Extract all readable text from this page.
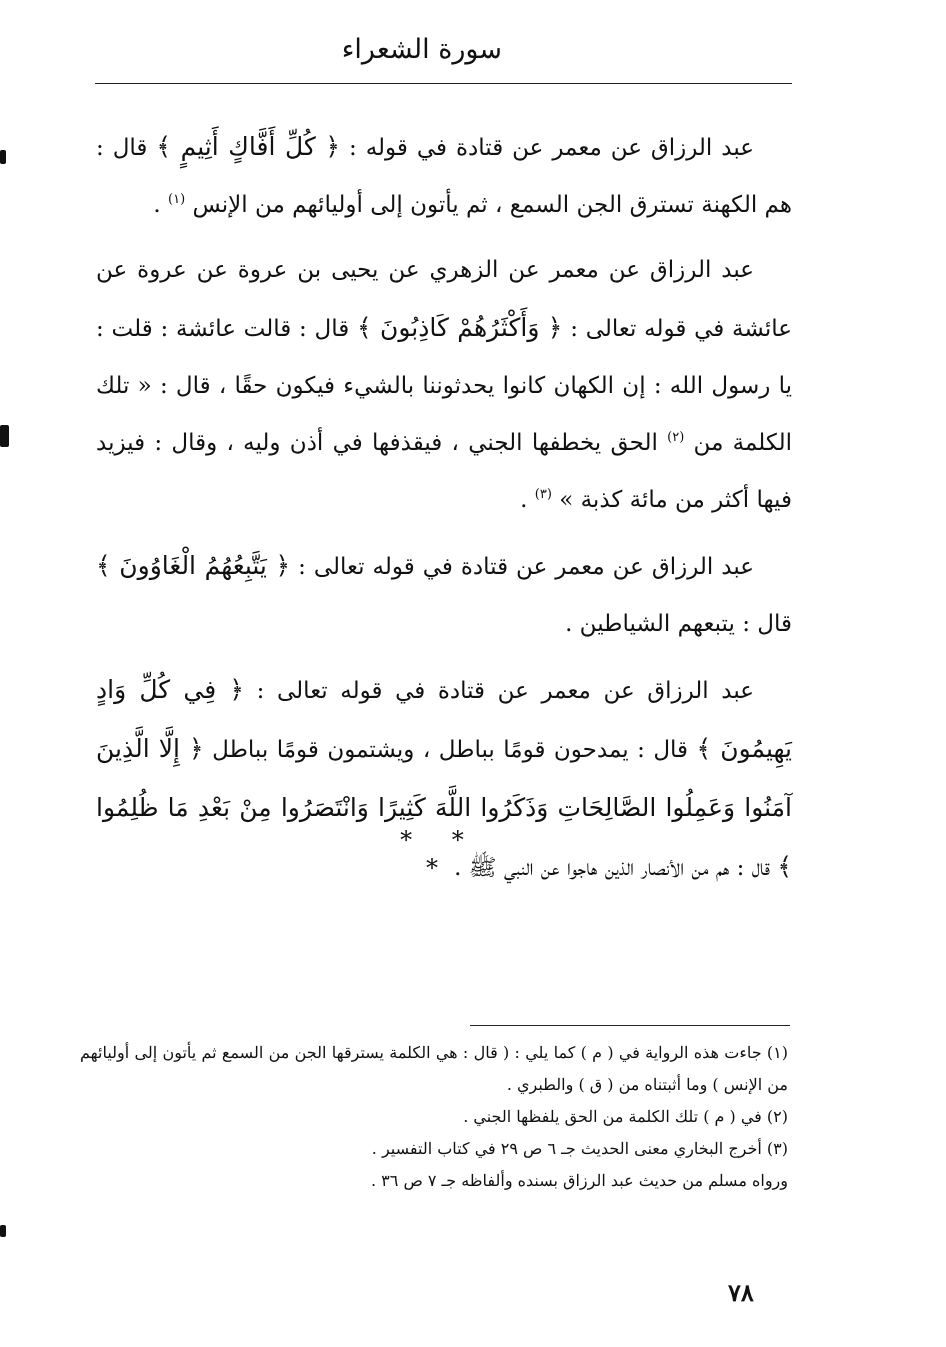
سورة الشعراء

عبد الرزاق عن معمر عن قتادة في قوله : ﴿ كُلِّ أَفَّاكٍ أَثِيمٍ ﴾ قال : هم الكهنة تسترق الجن السمع ، ثم يأتون إلى أوليائهم من الإنس $^{(١)}$ .

عبد الرزاق عن معمر عن الزهري عن يحيى بن عروة عن عروة عن عائشة في قوله تعالى : ﴿ وَأَكْثَرُهُمْ كَاذِبُونَ ﴾ قال : قالت عائشة : قلت : يا رسول الله : إن الكهان كانوا يحدثوننا بالشيء فيكون حقًا ، قال : « تلك الكلمة من $^{(٢)}$ الحق يخطفها الجني ، فيقذفها في أذن وليه ، وقال : فيزيد فيها أكثر من مائة كذبة » $^{(٣)}$ .

عبد الرزاق عن معمر عن قتادة في قوله تعالى : ﴿ يَتَّبِعُهُمُ الْغَاوُونَ ﴾ قال : يتبعهم الشياطين .

عبد الرزاق عن معمر عن قتادة في قوله تعالى : ﴿ فِي كُلِّ وَادٍ يَهِيمُونَ ﴾ قال : يمدحون قومًا بباطل ، ويشتمون قومًا بباطل ﴿ إِلَّا الَّذِينَ آمَنُوا وَعَمِلُوا الصَّالِحَاتِ وَذَكَرُوا اللَّهَ كَثِيرًا وَانْتَصَرُوا مِنْ بَعْدِ مَا ظُلِمُوا ﴾ قال : هم من الأنصار الذين هاجوا عن النبي ﷺ .

* * *

(١) جاءت هذه الرواية في ( م ) كما يلي : ( قال : هي الكلمة يسترقها الجن من السمع ثم يأتون إلى أوليائهم من الإنس ) وما أثبتناه من ( ق ) والطبري .

(٢) في ( م ) تلك الكلمة من الحق يلفظها الجني .

(٣) أخرج البخاري معنى الحديث جـ ٦ ص ٢٩ في كتاب التفسير .

ورواه مسلم من حديث عبد الرزاق بسنده وألفاظه جـ ٧ ص ٣٦ .

٧٨
